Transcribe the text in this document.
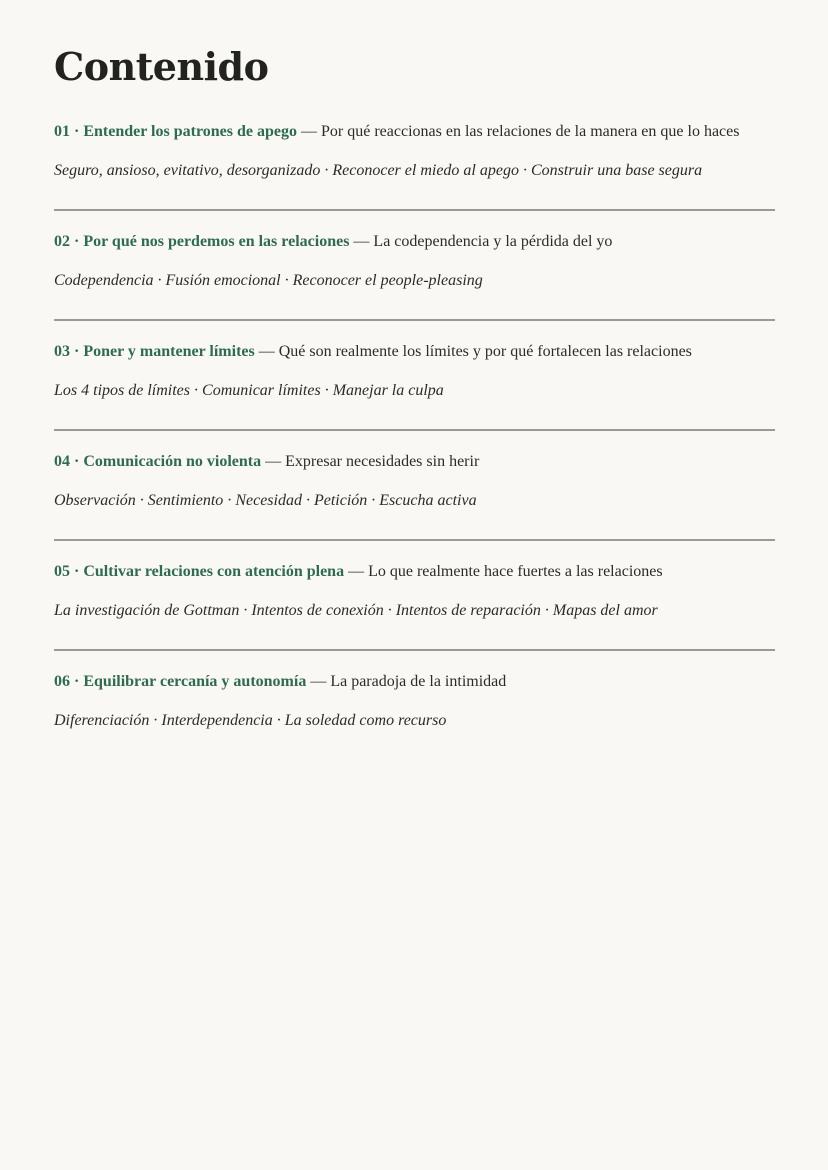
Contenido
01 · Entender los patrones de apego — Por qué reaccionas en las relaciones de la manera en que lo haces
Seguro, ansioso, evitativo, desorganizado · Reconocer el miedo al apego · Construir una base segura
02 · Por qué nos perdemos en las relaciones — La codependencia y la pérdida del yo
Codependencia · Fusión emocional · Reconocer el people-pleasing
03 · Poner y mantener límites — Qué son realmente los límites y por qué fortalecen las relaciones
Los 4 tipos de límites · Comunicar límites · Manejar la culpa
04 · Comunicación no violenta — Expresar necesidades sin herir
Observación · Sentimiento · Necesidad · Petición · Escucha activa
05 · Cultivar relaciones con atención plena — Lo que realmente hace fuertes a las relaciones
La investigación de Gottman · Intentos de conexión · Intentos de reparación · Mapas del amor
06 · Equilibrar cercanía y autonomía — La paradoja de la intimidad
Diferenciación · Interdependencia · La soledad como recurso
